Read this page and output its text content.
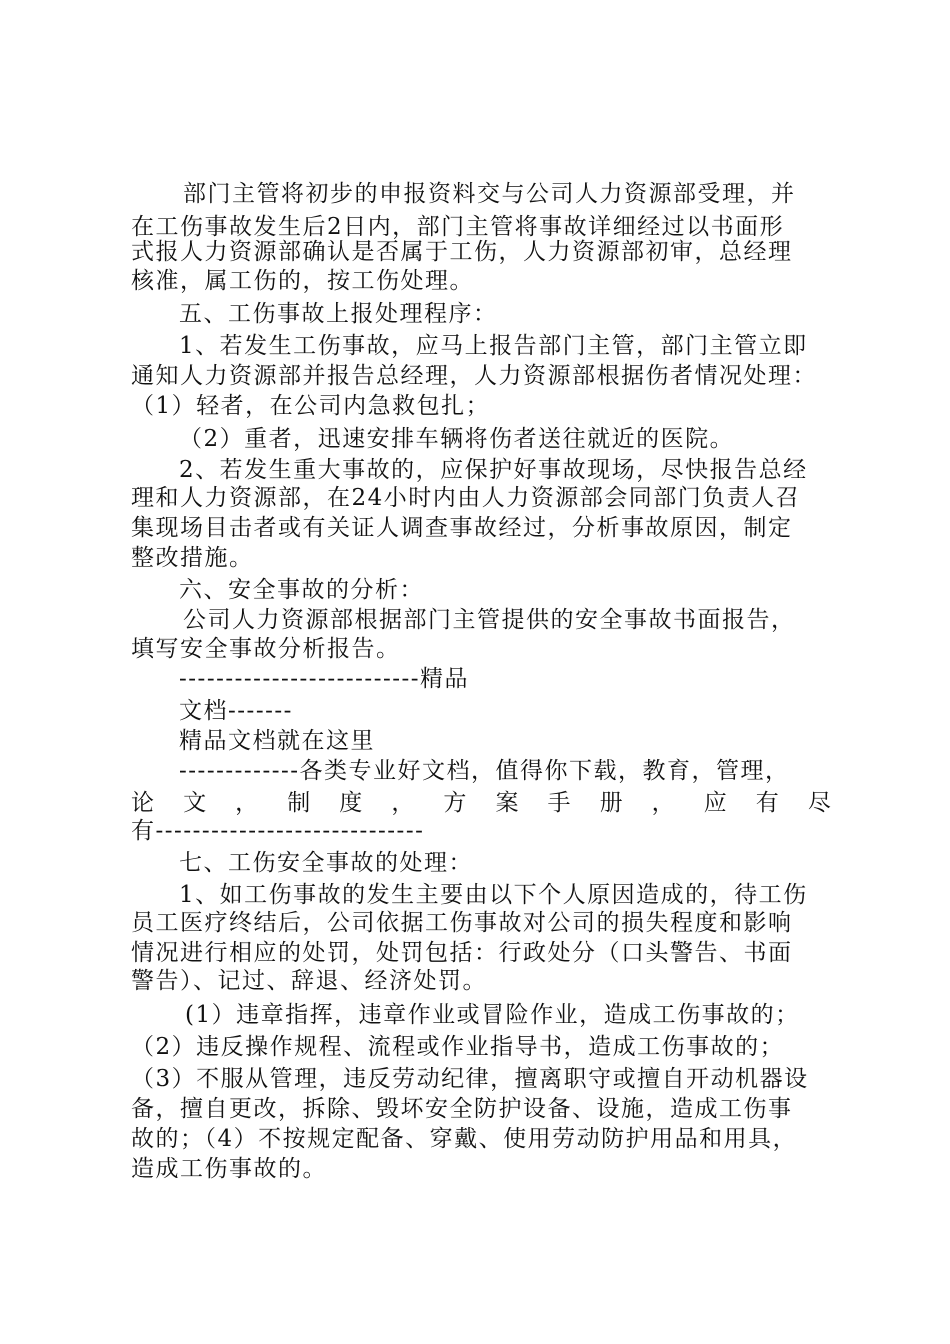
部门主管将初步的申报资料交与公司人力资源部受理，并
在工伤事故发生后2日内，部门主管将事故详细经过以书面形
式报人力资源部确认是否属于工伤，人力资源部初审，总经理
核准，属工伤的，按工伤处理。
五、工伤事故上报处理程序：
1、若发生工伤事故，应马上报告部门主管，部门主管立即
通知人力资源部并报告总经理，人力资源部根据伤者情况处理：
（1）轻者，在公司内急救包扎；
（2）重者，迅速安排车辆将伤者送往就近的医院。
2、若发生重大事故的，应保护好事故现场，尽快报告总经
理和人力资源部，在24小时内由人力资源部会同部门负责人召
集现场目击者或有关证人调查事故经过，分析事故原因，制定
整改措施。
六、安全事故的分析：
公司人力资源部根据部门主管提供的安全事故书面报告，
填写安全事故分析报告。
--------------------------精品
文档-------
精品文档就在这里
-------------各类专业好文档，值得你下载，教育，管理，
论 文 ， 制 度 ， 方 案 手 册 ， 应 有 尽
有-----------------------------
七、工伤安全事故的处理：
1、如工伤事故的发生主要由以下个人原因造成的，待工伤
员工医疗终结后，公司依据工伤事故对公司的损失程度和影响
情况进行相应的处罚，处罚包括：行政处分（口头警告、书面
警告）、记过、辞退、经济处罚。
(1）违章指挥，违章作业或冒险作业，造成工伤事故的；
（2）违反操作规程、流程或作业指导书，造成工伤事故的；
（3）不服从管理，违反劳动纪律，擅离职守或擅自开动机器设
备，擅自更改，拆除、毁坏安全防护设备、设施，造成工伤事
故的；（4）不按规定配备、穿戴、使用劳动防护用品和用具，
造成工伤事故的。
